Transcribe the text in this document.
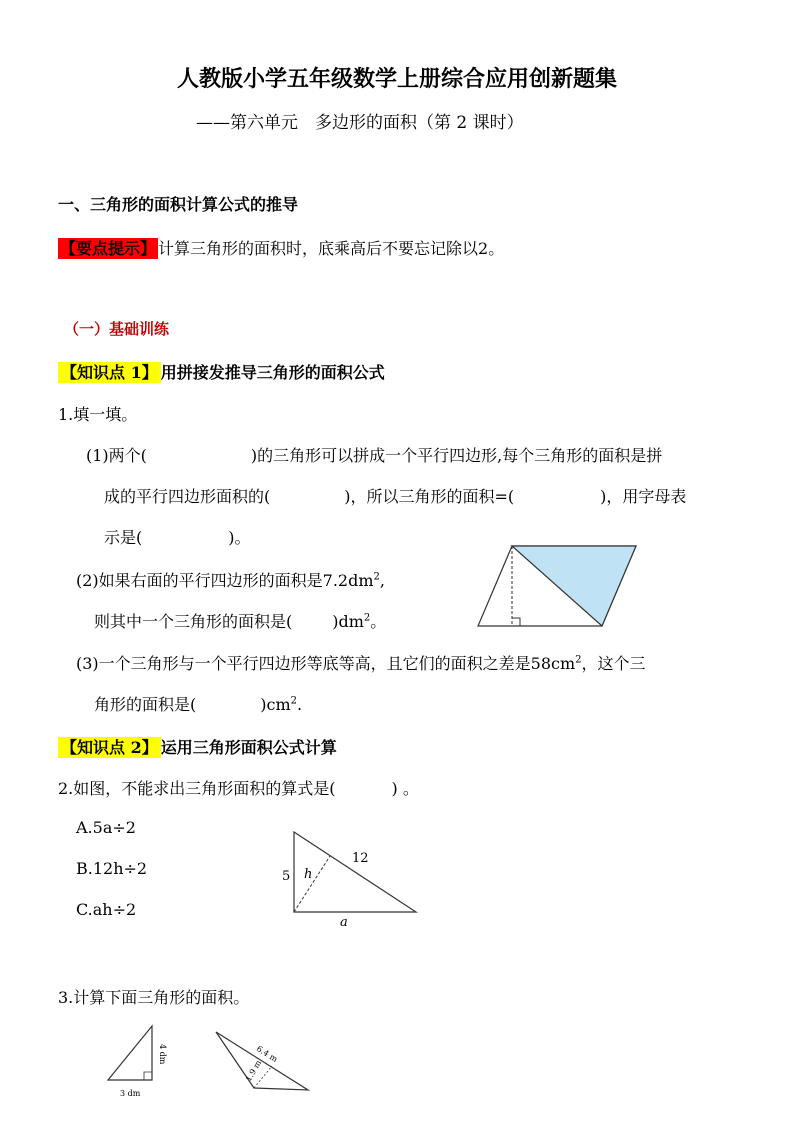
人教版小学五年级数学上册综合应用创新题集
——第六单元　多边形的面积（第 2 课时）
一、三角形的面积计算公式的推导
【要点提示】 计算三角形的面积时，底乘高后不要忘记除以2。
（一）基础训练
【知识点 1】 用拼接发推导三角形的面积公式
1.填一填。
(1)两个(	)的三角形可以拼成一个平行四边形,每个三角形的面积是拼
成的平行四边形面积的(	)，所以三角形的面积=(	)，用字母表
示是(	)。
(2)如果右面的平行四边形的面积是$7.2dm^2$,
则其中一个三角形的面积是(	)$dm^2$。
(3)一个三角形与一个平行四边形等底等高，且它们的面积之差是$58cm^2$，这个三
角形的面积是(	)$cm^2$.
【知识点 2】 运用三角形面积公式计算
2.如图，不能求出三角形面积的算式是(	) 。
A.5a÷2
B.12h÷2
C.ah÷2
5
12
h
a
3.计算下面三角形的面积。
4 dm
3 dm
6.4 m
1.9 m
